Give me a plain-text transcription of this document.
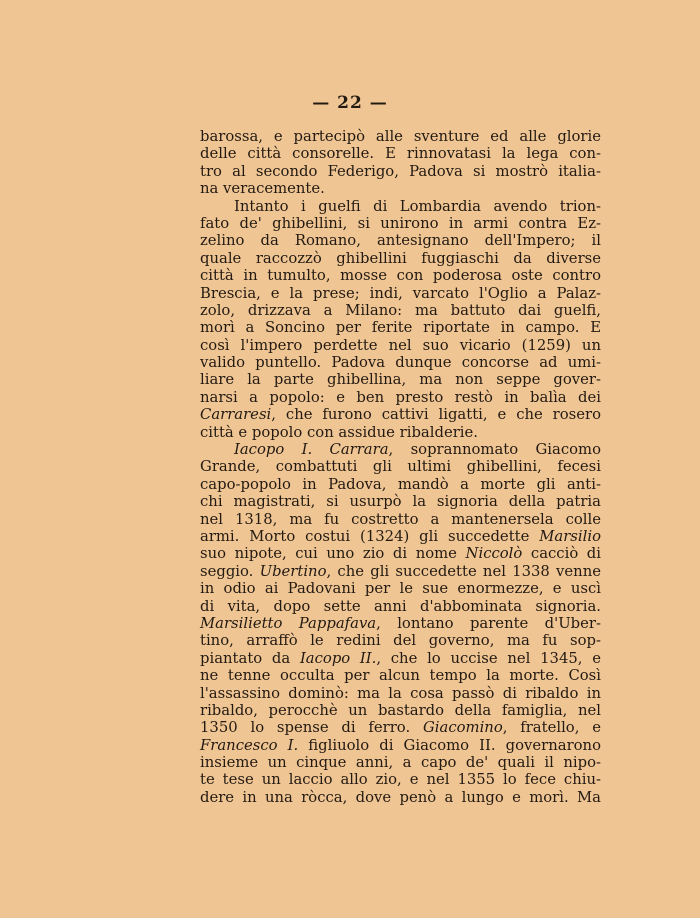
— 22 —
barossa, e partecipò alle sventure ed alle glorie
delle città consorelle. E rinnovatasi la lega con-
tro al secondo Federigo, Padova si mostrò italia-
na veracemente.
Intanto i guelfi di Lombardia avendo trion-
fato de' ghibellini, si unirono in armi contra Ez-
zelino da Romano, antesignano dell'Impero; il
quale raccozzò ghibellini fuggiaschi da diverse
città in tumulto, mosse con poderosa oste contro
Brescia, e la prese; indi, varcato l'Oglio a Palaz-
zolo, drizzava a Milano: ma battuto dai guelfi,
morì a Soncino per ferite riportate in campo. E
così l'impero perdette nel suo vicario (1259) un
valido puntello. Padova dunque concorse ad umi-
liare la parte ghibellina, ma non seppe gover-
narsi a popolo: e ben presto restò in balìa dei
Carraresi, che furono cattivi ligatti, e che rosero
città e popolo con assidue ribalderie.
Iacopo I. Carrara, soprannomato Giacomo
Grande, combattuti gli ultimi ghibellini, fecesi
capo-popolo in Padova, mandò a morte gli anti-
chi magistrati, si usurpò la signoria della patria
nel 1318, ma fu costretto a mantenersela colle
armi. Morto costui (1324) gli succedette Marsilio
suo nipote, cui uno zio di nome Niccolò cacciò di
seggio. Ubertino, che gli succedette nel 1338 venne
in odio ai Padovani per le sue enormezze, e uscì
di vita, dopo sette anni d'abbominata signoria.
Marsilietto Pappafava, lontano parente d'Uber-
tino, arraffò le redini del governo, ma fu sop-
piantato da Iacopo II., che lo uccise nel 1345, e
ne tenne occulta per alcun tempo la morte. Così
l'assassino dominò: ma la cosa passò di ribaldo in
ribaldo, perocchè un bastardo della famiglia, nel
1350 lo spense di ferro. Giacomino, fratello, e
Francesco I. figliuolo di Giacomo II. governarono
insieme un cinque anni, a capo de' quali il nipo-
te tese un laccio allo zio, e nel 1355 lo fece chiu-
dere in una ròcca, dove penò a lungo e morì. Ma
